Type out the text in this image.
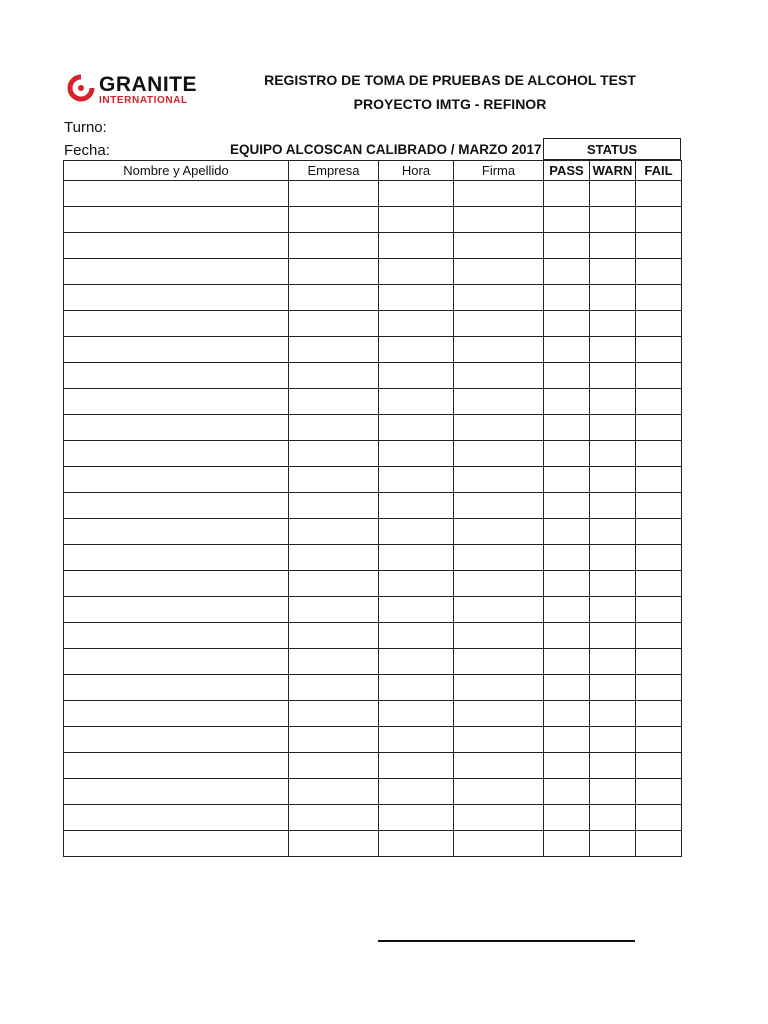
GRANITE
INTERNATIONAL
REGISTRO DE TOMA DE PRUEBAS DE ALCOHOL TEST
PROYECTO IMTG - REFINOR
Turno:
Fecha:	EQUIPO ALCOSCAN CALIBRADO / MARZO 2017	STATUS
Nombre y Apellido	Empresa	Hora	Firma	PASS	WARN	FAIL
